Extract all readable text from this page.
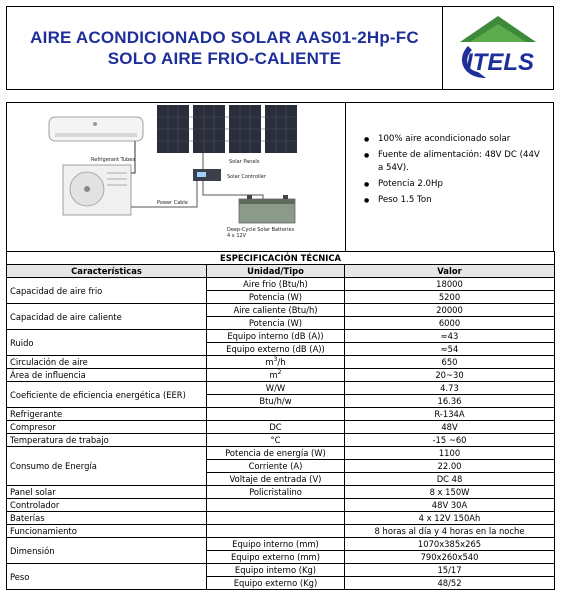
AIRE ACONDICIONADO SOLAR AAS01-2Hp-FC
SOLO AIRE FRIO-CALIENTE	ITELS
Refrigerant Tubes	Solar Panels
Solar Controller
Power Cable
Deep-Cycle Solar Batteries
4 x 12V
● 100% aire acondicionado solar
● Fuente de alimentación: 48V DC (44V a 54V).
● Potencia 2.0Hp
● Peso 1.5 Ton
ESPECIFICACIÓN TÉCNICA		
Características	Unidad/Tipo	Valor
Capacidad de aire frio	Aire frio (Btu/h)	18000
	Potencia (W)	5200
Capacidad de aire caliente	Aire caliente (Btu/h)	20000
	Potencia (W)	6000
Ruido	Equipo interno (dB (A))	≈43
	Equipo externo (dB (A))	≈54
Circulación de aire	$m^3/h$	650
Área de influencia	$m^2$	20~30
Coeficiente de eficiencia energética (EER)	W/W	4.73
	Btu/h/w	16.36
Refrigerante		R-134A
Compresor	DC	48V
Temperatura de trabajo	°C	-15 ~60
Consumo de Energía	Potencia de energía (W)	1100
	Corriente (A)	22.00
	Voltaje de entrada (V)	DC 48
Panel solar	Policristalino	8 x 150W
Controlador		48V 30A
Baterías		4 x 12V 150Ah
Funcionamiento		8 horas al día y 4 horas en la noche
Dimensión	Equipo interno (mm)	1070x385x265
	Equipo externo (mm)	790x260x540
Peso	Equipo interno (Kg)	15/17
	Equipo externo (Kg)	48/52
